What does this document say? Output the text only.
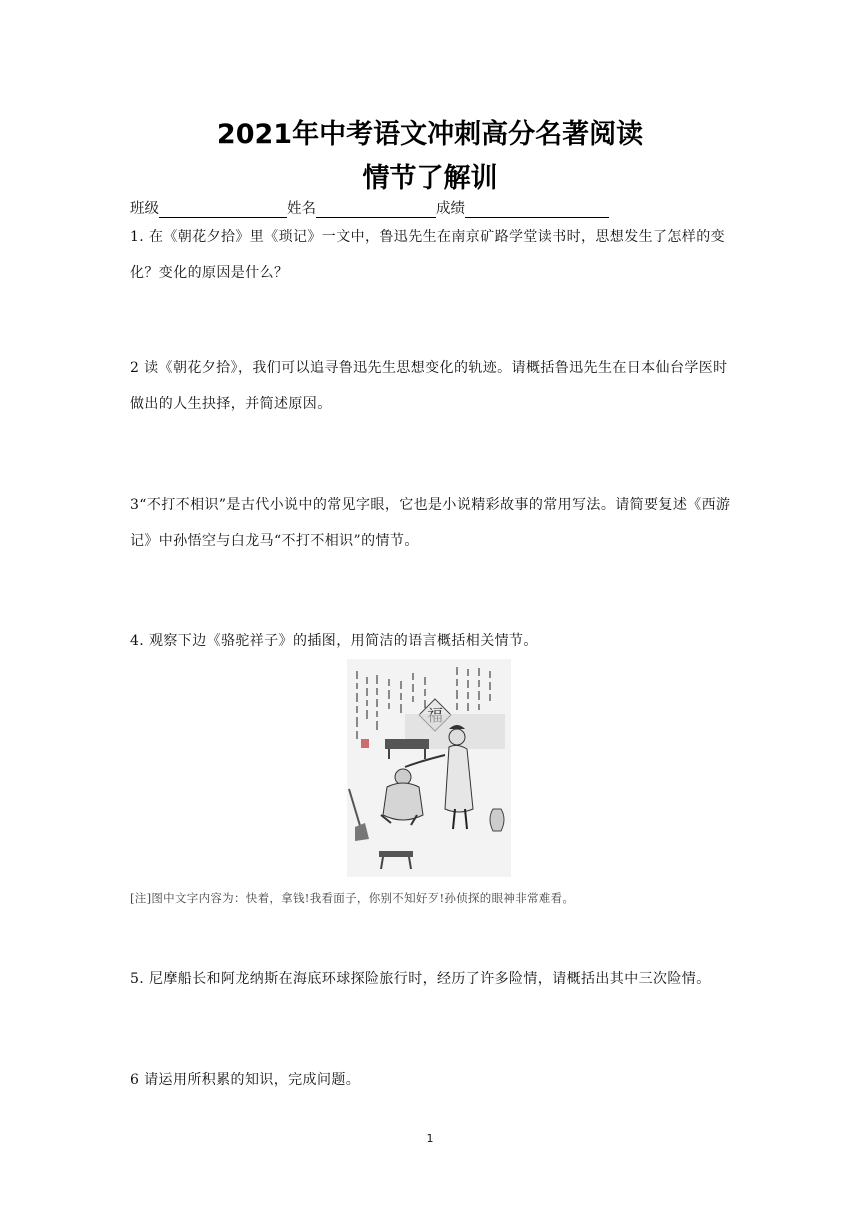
2021年中考语文冲刺高分名著阅读
情节了解训
班级	姓名	成绩
1. 在《朝花夕拾》里《琐记》一文中，鲁迅先生在南京矿路学堂读书时，思想发生了怎样的变化？变化的原因是什么？
2 读《朝花夕拾》，我们可以追寻鲁迅先生思想变化的轨迹。请概括鲁迅先生在日本仙台学医时做出的人生抉择，并简述原因。
3“不打不相识”是古代小说中的常见字眼，它也是小说精彩故事的常用写法。请简要复述《西游记》中孙悟空与白龙马“不打不相识”的情节。
4. 观察下边《骆驼祥子》的插图，用简洁的语言概括相关情节。
[注]图中文字内容为：快着，拿钱!我看面子，你别不知好歹!孙侦探的眼神非常难看。
5. 尼摩船长和阿龙纳斯在海底环球探险旅行时，经历了许多险情，请概括出其中三次险情。
6 请运用所积累的知识，完成问题。
1
